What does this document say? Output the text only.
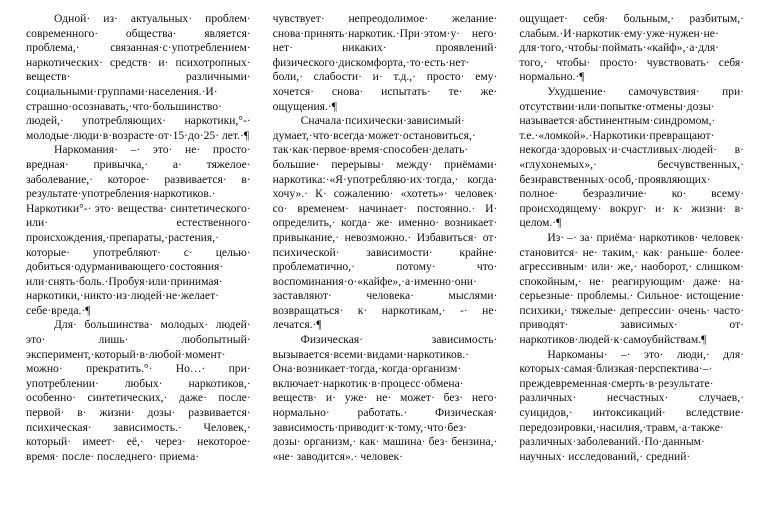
Одной· из· актуальных· проблем· современного· общества· является· проблема,· связанная·с·употреблением· наркотических· средств· и· психотропных· веществ· различными· социальными·группами·населения.·И· страшно·осознавать,·что·большинство· людей,· употребляющих· наркотики,°-· молодые·люди·в·возрасте·от·15·до·25· лет.·¶

Наркомания· –· это· не· просто· вредная· привычка,· а· тяжелое· заболевание,· которое· развивается· в· результате·употребления·наркотиков.· Наркотики°-· это· вещества· синтетического· или· естественного· происхождения,·препараты,·растения,· которые· употребляют· с· целью· добиться·одурманивающего·состояния· или·снять·боль.·Пробуя·или·принимая· наркотики,·никто·из·людей·не·желает· себе·вреда.·¶

Для· большинства· молодых· людей· это· лишь· любопытный· эксперимент,·который·в·любой·момент· можно· прекратить.°· Но…· при· употреблении· любых· наркотиков,· особенно· синтетических,· даже· после· первой· в· жизни· дозы· развивается· психическая· зависимость.· Человек,· который· имеет· её,· через· некоторое· время· после· последнего· приема·

чувствует· непреодолимое· желание· снова·принять·наркотик.·При·этом·у· него· нет· никаких· проявлений· физического·дискомфорта,·то·есть·нет· боли,· слабости· и· т.д.,· просто· ему· хочется· снова· испытать· те· же· ощущения.·¶

Сначала·психически·зависимый· думает,·что·всегда·может·остановиться,· так·как·первое·время·способен·делать· большие· перерывы· между· приёмами· наркотика:·«Я·употребляю·их·тогда,· когда· хочу».· К· сожалению· «хотеть»· человек· со· временем· начинает· постоянно.· И· определить,· когда· же· именно· возникает· привыкание,· невозможно.· Избавиться· от· психической· зависимости· крайне· проблематично,· потому· что· воспоминания·о·«кайфе»,·а·именно·они· заставляют· человека· мыслями· возвращаться· к· наркотикам,· -· не· лечатся.·¶

Физическая· зависимость· вызывается·всеми·видами·наркотиков.· Она·возникает·тогда,·когда·организм· включает·наркотик·в·процесс·обмена· веществ· и· уже· не· может· без· него· нормально· работать.· Физическая· зависимость·приводит·к·тому,·что·без· дозы· организм,· как· машина· без· бензина,· «не· заводится».· человек·

ощущает· себя· больным,· разбитым,· слабым.·И·наркотик·ему·уже·нужен·не· для·того,·чтобы·поймать·«кайф»,·а·для· того,· чтобы· просто· чувствовать· себя· нормально.·¶

Ухудшение· самочувствия· при· отсутствии·или·попытке·отмены·дозы· называется·абстинентным·синдромом,· т.е.·«ломкой».·Наркотики·превращают· некогда·здоровых·и·счастливых·людей· в· «глухонемых»,· бесчувственных,· безнравственных·особ,·проявляющих· полное· безразличие· ко· всему· происходящему· вокруг· и· к· жизни· в· целом.·¶

Из· –· за· приёма· наркотиков· человек· становится· не· таким,· как· раньше· более· агрессивным· или· же,· наоборот,· слишком· спокойным,· не· реагирующим· даже· на· серьезные· проблемы.· Сильное· истощение· психики,· тяжелые· депрессии· очень· часто· приводят· зависимых· от· наркотиков·людей·к·самоубийствам.¶

Наркоманы· –· это· люди,· для· которых·самая·близкая·перспектива·–· преждевременная·смерть·в·результате· различных· несчастных· случаев,· суицидов,· интоксикаций· вследствие· передозировки,·насилия,·травм,·а·также· различных·заболеваний.·По·данным· научных· исследований,· средний·
